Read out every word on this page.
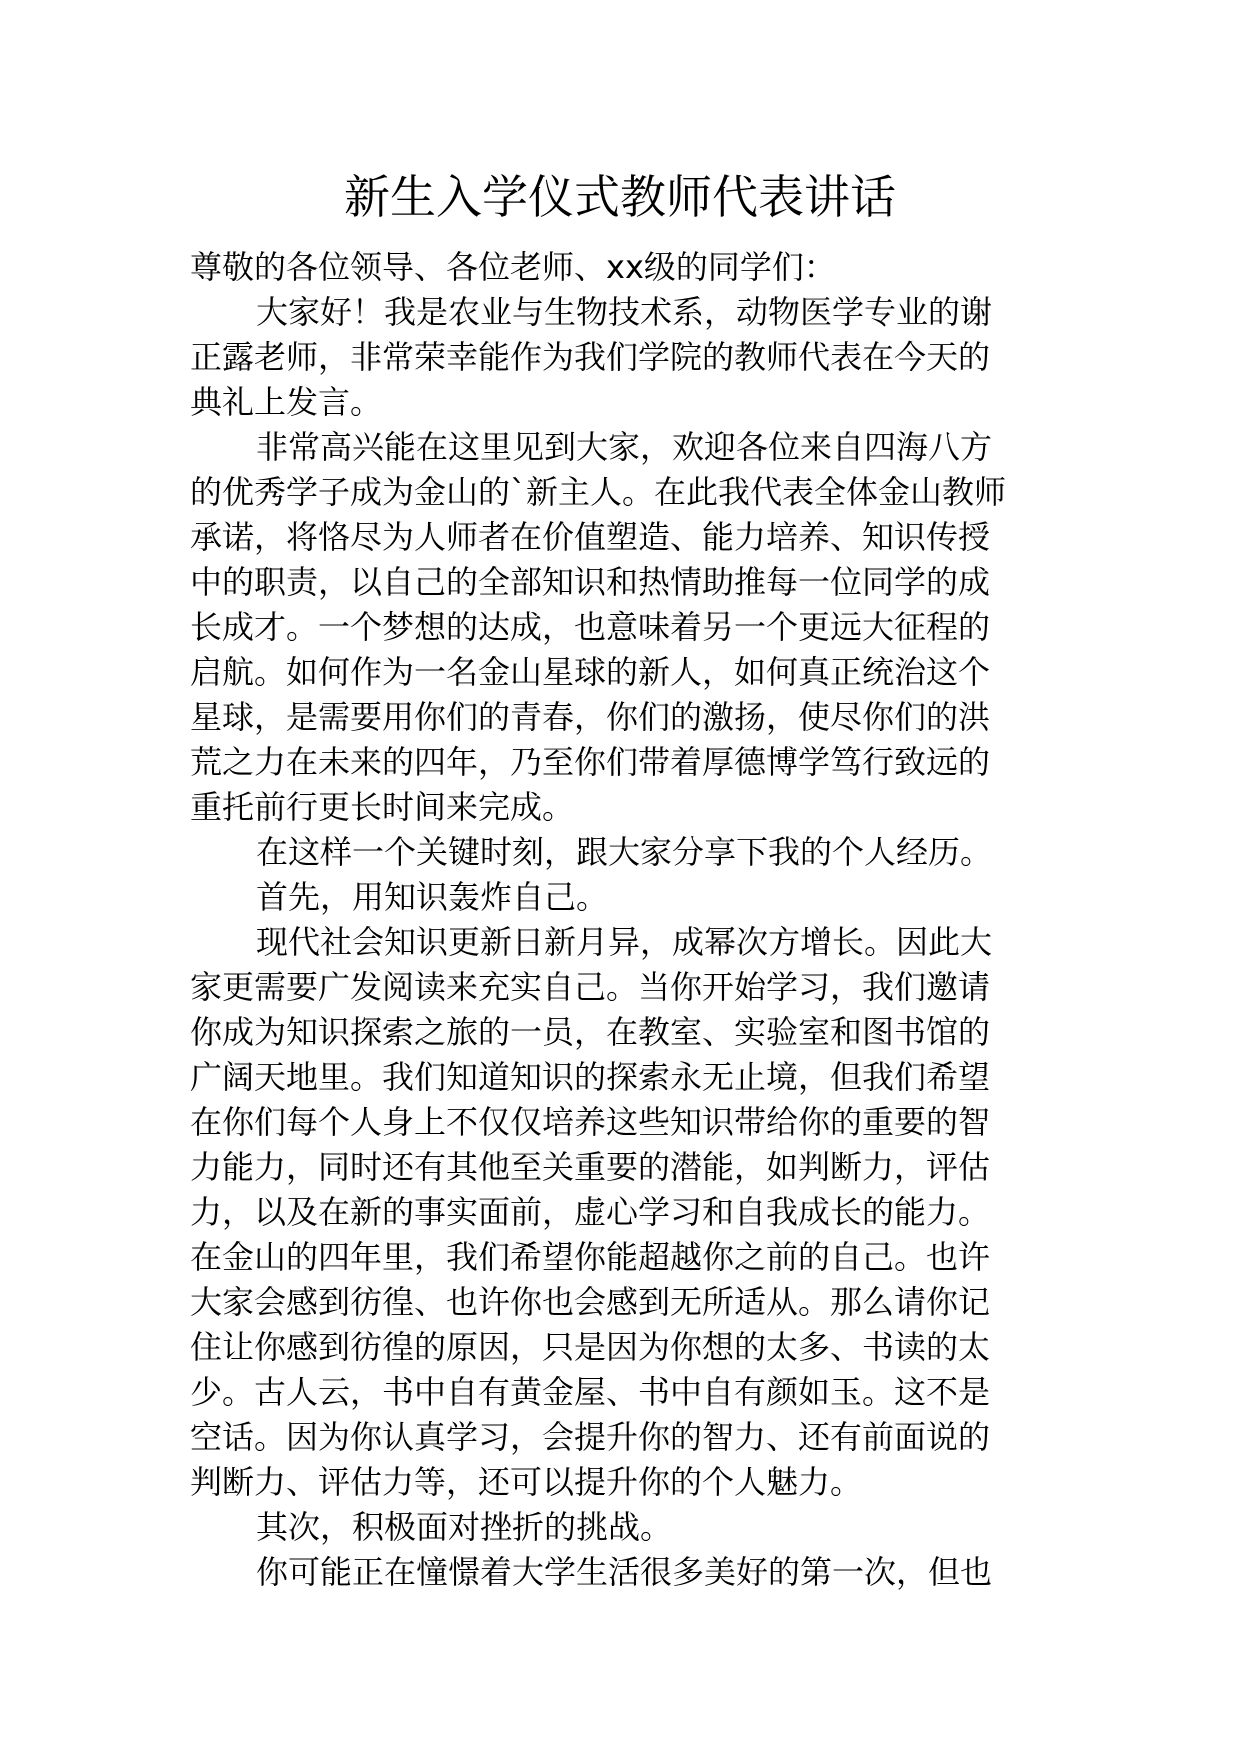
新生入学仪式教师代表讲话
尊敬的各位领导、各位老师、xx级的同学们：
大家好！我是农业与生物技术系，动物医学专业的谢
正露老师，非常荣幸能作为我们学院的教师代表在今天的
典礼上发言。
非常高兴能在这里见到大家，欢迎各位来自四海八方
的优秀学子成为金山的`新主人。在此我代表全体金山教师
承诺，将恪尽为人师者在价值塑造、能力培养、知识传授
中的职责，以自己的全部知识和热情助推每一位同学的成
长成才。一个梦想的达成，也意味着另一个更远大征程的
启航。如何作为一名金山星球的新人，如何真正统治这个
星球，是需要用你们的青春，你们的激扬，使尽你们的洪
荒之力在未来的四年，乃至你们带着厚德博学笃行致远的
重托前行更长时间来完成。
在这样一个关键时刻，跟大家分享下我的个人经历。
首先，用知识轰炸自己。
现代社会知识更新日新月异，成幂次方增长。因此大
家更需要广发阅读来充实自己。当你开始学习，我们邀请
你成为知识探索之旅的一员，在教室、实验室和图书馆的
广阔天地里。我们知道知识的探索永无止境，但我们希望
在你们每个人身上不仅仅培养这些知识带给你的重要的智
力能力，同时还有其他至关重要的潜能，如判断力，评估
力，以及在新的事实面前，虚心学习和自我成长的能力。
在金山的四年里，我们希望你能超越你之前的自己。也许
大家会感到彷徨、也许你也会感到无所适从。那么请你记
住让你感到彷徨的原因，只是因为你想的太多、书读的太
少。古人云，书中自有黄金屋、书中自有颜如玉。这不是
空话。因为你认真学习，会提升你的智力、还有前面说的
判断力、评估力等，还可以提升你的个人魅力。
其次，积极面对挫折的挑战。
你可能正在憧憬着大学生活很多美好的第一次，但也
